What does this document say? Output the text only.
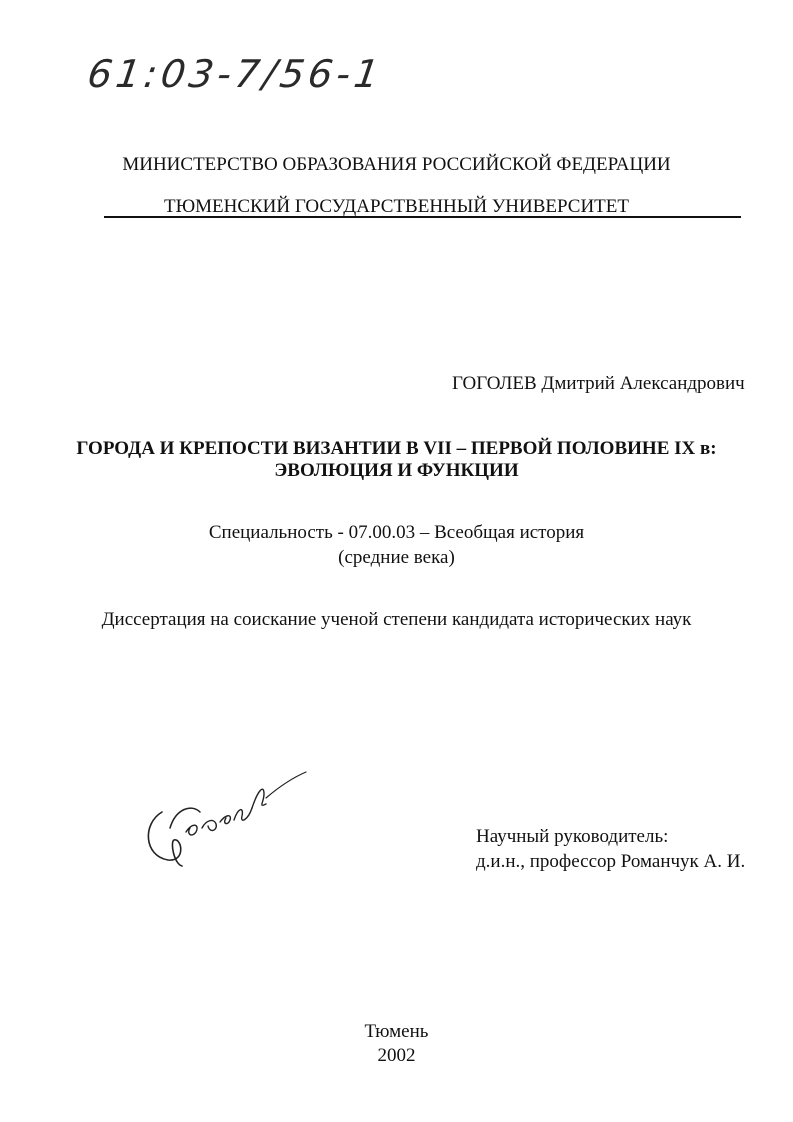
61:03-7/56-1
МИНИСТЕРСТВО ОБРАЗОВАНИЯ РОССИЙСКОЙ ФЕДЕРАЦИИ
ТЮМЕНСКИЙ ГОСУДАРСТВЕННЫЙ УНИВЕРСИТЕТ
ГОГОЛЕВ Дмитрий Александрович
ГОРОДА И КРЕПОСТИ ВИЗАНТИИ В VII – ПЕРВОЙ ПОЛОВИНЕ IX в:
ЭВОЛЮЦИЯ И ФУНКЦИИ
Специальность - 07.00.03 – Всеобщая история
(средние века)
Диссертация на соискание ученой степени кандидата исторических наук
Научный руководитель:
д.и.н., профессор Романчук А. И.
Тюмень
2002
